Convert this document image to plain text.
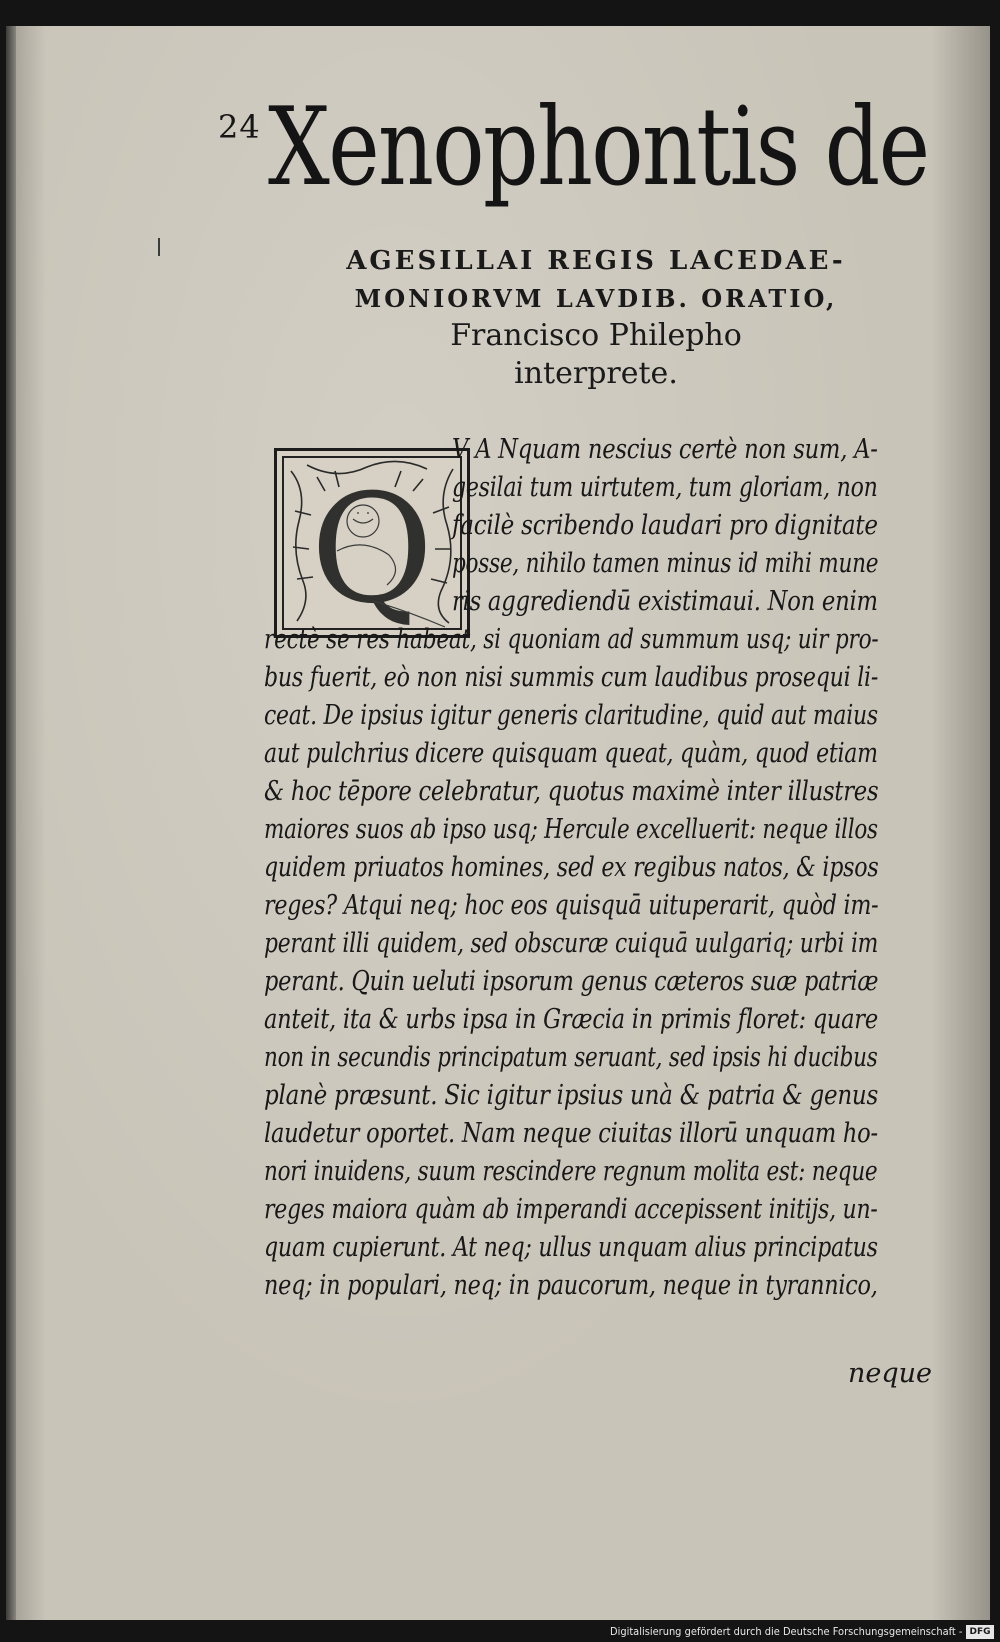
24 Xenophontis de
AGESILLAI REGIS LACEDAE-
MONIORVM LAVDIB. ORATIO,
Francisco Philepho
interprete.
Q
V A Nquam nescius certè non sum, A-
gesilai tum uirtutem, tum gloriam, non
facilè scribendo laudari pro dignitate
posse, nihilo tamen minus id mihi mune
ris aggrediendū existimaui. Non enim
rectè se res habeat, si quoniam ad summum usq; uir pro-
bus fuerit, eò non nisi summis cum laudibus prosequi li-
ceat. De ipsius igitur generis claritudine, quid aut maius
aut pulchrius dicere quisquam queat, quàm, quod etiam
& hoc tēpore celebratur, quotus maximè inter illustres
maiores suos ab ipso usq; Hercule excelluerit: neque illos
quidem priuatos homines, sed ex regibus natos, & ipsos
reges? Atqui neq; hoc eos quisquā uituperarit, quòd im-
perant illi quidem, sed obscuræ cuiquā uulgariq; urbi im
perant. Quin ueluti ipsorum genus cæteros suæ patriæ
anteit, ita & urbs ipsa in Græcia in primis floret: quare
non in secundis principatum seruant, sed ipsis hi ducibus
planè præsunt. Sic igitur ipsius unà & patria & genus
laudetur oportet. Nam neque ciuitas illorū unquam ho-
nori inuidens, suum rescindere regnum molita est: neque
reges maiora quàm ab imperandi accepissent initijs, un-
quam cupierunt. At neq; ullus unquam alius principatus
neq; in populari, neq; in paucorum, neque in tyrannico,
neque
Digitalisierung gefördert durch die Deutsche Forschungsgemeinschaft - DFG
